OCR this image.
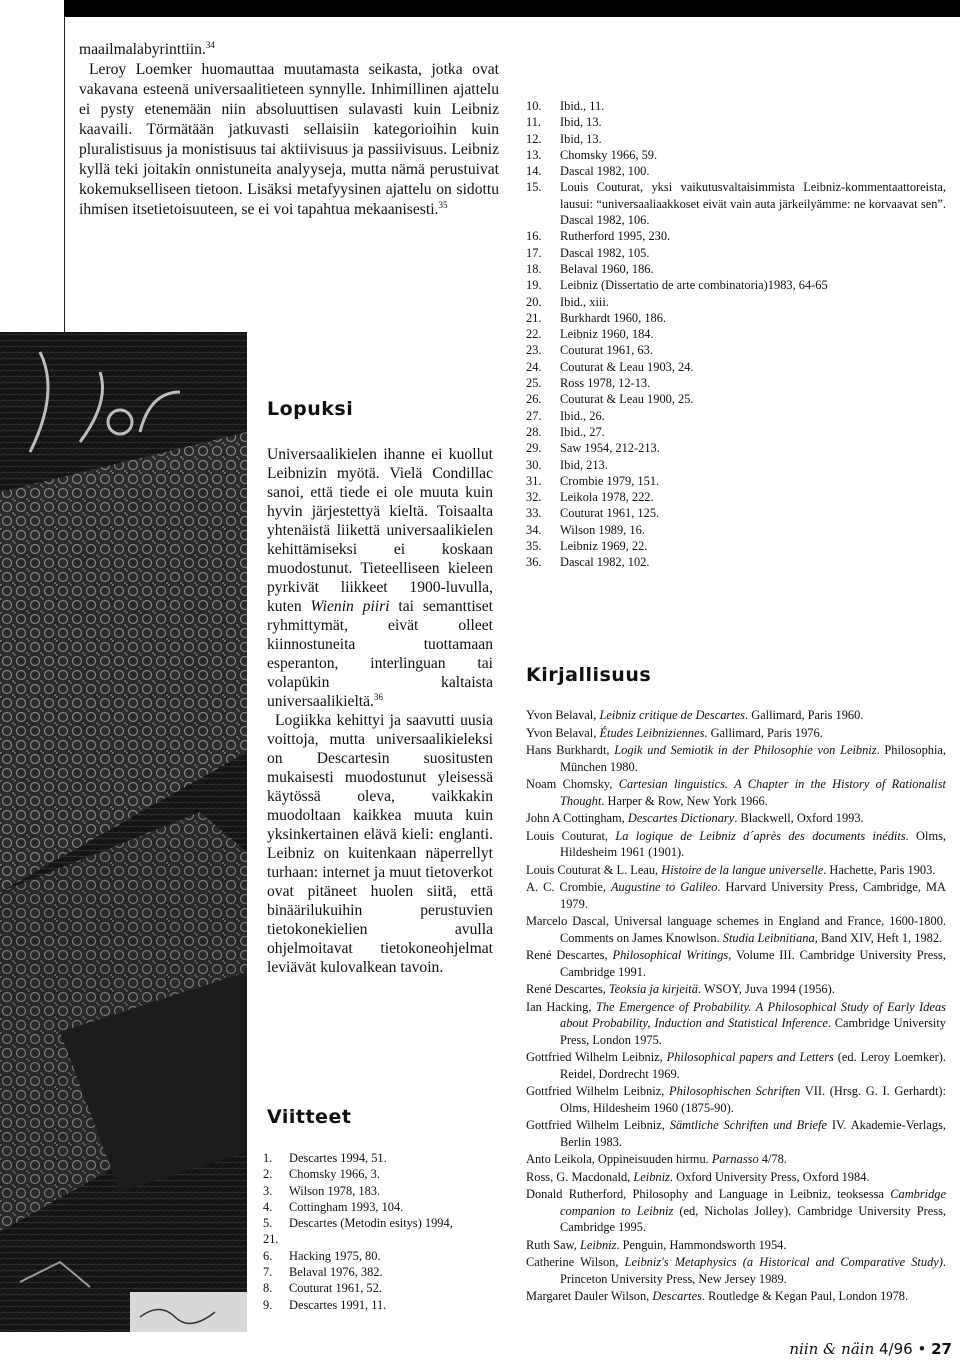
maailmalabyrinttiin.$^{34}$

Leroy Loemker huomauttaa muutamasta seikasta, jotka ovat vakavana esteenä universaalitieteen synnylle. Inhimillinen ajattelu ei pysty etenemään niin absoluuttisen sulavasti kuin Leibniz kaavaili. Törmätään jatkuvasti sellaisiin kategorioihin kuin pluralistisuus ja monistisuus tai aktiivisuus ja passiivisuus. Leibniz kyllä teki joitakin onnistuneita analyyseja, mutta nämä perustuivat kokemukselliseen tietoon. Lisäksi metafyysinen ajattelu on sidottu ihmisen itsetietoisuuteen, se ei voi tapahtua mekaanisesti.$^{35}$

Lopuksi

Universaalikielen ihanne ei kuollut Leibnizin myötä. Vielä Condillac sanoi, että tiede ei ole muuta kuin hyvin järjestettyä kieltä. Toisaalta yhtenäistä liikettä universaalikielen kehittämiseksi ei koskaan muodostunut. Tieteelliseen kieleen pyrkivät liikkeet 1900-luvulla, kuten Wienin piiri tai semanttiset ryhmittymät, eivät olleet kiinnostuneita tuottamaan esperanton, interlinguan tai volapükin kaltaista universaalikieltä.$^{36}$

Logiikka kehittyi ja saavutti uusia voittoja, mutta universaalikieleksi on Descartesin suositusten mukaisesti muodostunut yleisessä käytössä oleva, vaikkakin muodoltaan kaikkea muuta kuin yksinkertainen elävä kieli: englanti. Leibniz on kuitenkaan näperrellyt turhaan: internet ja muut tietoverkot ovat pitäneet huolen siitä, että binäärilukuihin perustuvien tietokonekielien avulla ohjelmoitavat tietokoneohjelmat leviävät kulovalkean tavoin.

Viitteet
1.	Descartes 1994, 51.
2.	Chomsky 1966, 3.
3.	Wilson 1978, 183.
4.	Cottingham 1993, 104.
5.	Descartes (Metodin esitys) 1994,
21.
6.	Hacking 1975, 80.
7.	Belaval 1976, 382.
8.	Couturat 1961, 52.
9.	Descartes 1991, 11.
10.	Ibid., 11.
11.	Ibid, 13.
12.	Ibid, 13.
13.	Chomsky 1966, 59.
14.	Dascal 1982, 100.
15.	Louis Couturat, yksi vaikutusvaltaisimmista Leibniz-kommentaattoreista, lausui: “universaaliaakkoset eivät vain auta järkeilyämme: ne korvaavat sen”. Dascal 1982, 106.
16.	Rutherford 1995, 230.
17.	Dascal 1982, 105.
18.	Belaval 1960, 186.
19.	Leibniz (Dissertatio de arte combinatoria)1983, 64-65
20.	Ibid., xiii.
21.	Burkhardt 1960, 186.
22.	Leibniz 1960, 184.
23.	Couturat 1961, 63.
24.	Couturat & Leau 1903, 24.
25.	Ross 1978, 12-13.
26.	Couturat & Leau 1900, 25.
27.	Ibid., 26.
28.	Ibid., 27.
29.	Saw 1954, 212-213.
30.	Ibid, 213.
31.	Crombie 1979, 151.
32.	Leikola 1978, 222.
33.	Couturat 1961, 125.
34.	Wilson 1989, 16.
35.	Leibniz 1969, 22.
36.	Dascal 1982, 102.
Kirjallisuus
Yvon Belaval, Leibniz critique de Descartes. Gallimard, Paris 1960.
Yvon Belaval, Études Leibniziennes. Gallimard, Paris 1976.
Hans Burkhardt, Logik und Semiotik in der Philosophie von Leibniz. Philosophia, München 1980.
Noam Chomsky, Cartesian linguistics. A Chapter in the History of Rationalist Thought. Harper & Row, New York 1966.
John A Cottingham, Descartes Dictionary. Blackwell, Oxford 1993.
Louis Couturat, La logique de Leibniz d´après des documents inédits. Olms, Hildesheim 1961 (1901).
Louis Couturat & L. Leau, Histoire de la langue universelle. Hachette, Paris 1903.
A. C. Crombie, Augustine to Galileo. Harvard University Press, Cambridge, MA 1979.
Marcelo Dascal, Universal language schemes in England and France, 1600-1800. Comments on James Knowlson. Studia Leibnitiana, Band XIV, Heft 1, 1982.
René Descartes, Philosophical Writings, Volume III. Cambridge University Press, Cambridge 1991.
René Descartes, Teoksia ja kirjeitä. WSOY, Juva 1994 (1956).
Ian Hacking, The Emergence of Probability. A Philosophical Study of Early Ideas about Probability, Induction and Statistical Inference. Cambridge University Press, London 1975.
Gottfried Wilhelm Leibniz, Philosophical papers and Letters (ed. Leroy Loemker). Reidel, Dordrecht 1969.
Gottfried Wilhelm Leibniz, Philosophischen Schriften VII. (Hrsg. G. I. Gerhardt): Olms, Hildesheim 1960 (1875-90).
Gottfried Wilhelm Leibniz, Sämtliche Schriften und Briefe IV. Akademie-Verlags, Berlin 1983.
Anto Leikola, Oppineisuuden hirmu. Parnasso 4/78.
Ross, G. Macdonald, Leibniz. Oxford University Press, Oxford 1984.
Donald Rutherford, Philosophy and Language in Leibniz, teoksessa Cambridge companion to Leibniz (ed, Nicholas Jolley). Cambridge University Press, Cambridge 1995.
Ruth Saw, Leibniz. Penguin, Hammondsworth 1954.
Catherine Wilson, Leibniz's Metaphysics (a Historical and Comparative Study). Princeton University Press, New Jersey 1989.
Margaret Dauler Wilson, Descartes. Routledge & Kegan Paul, London 1978.
niin & näin 4/96 • 27
